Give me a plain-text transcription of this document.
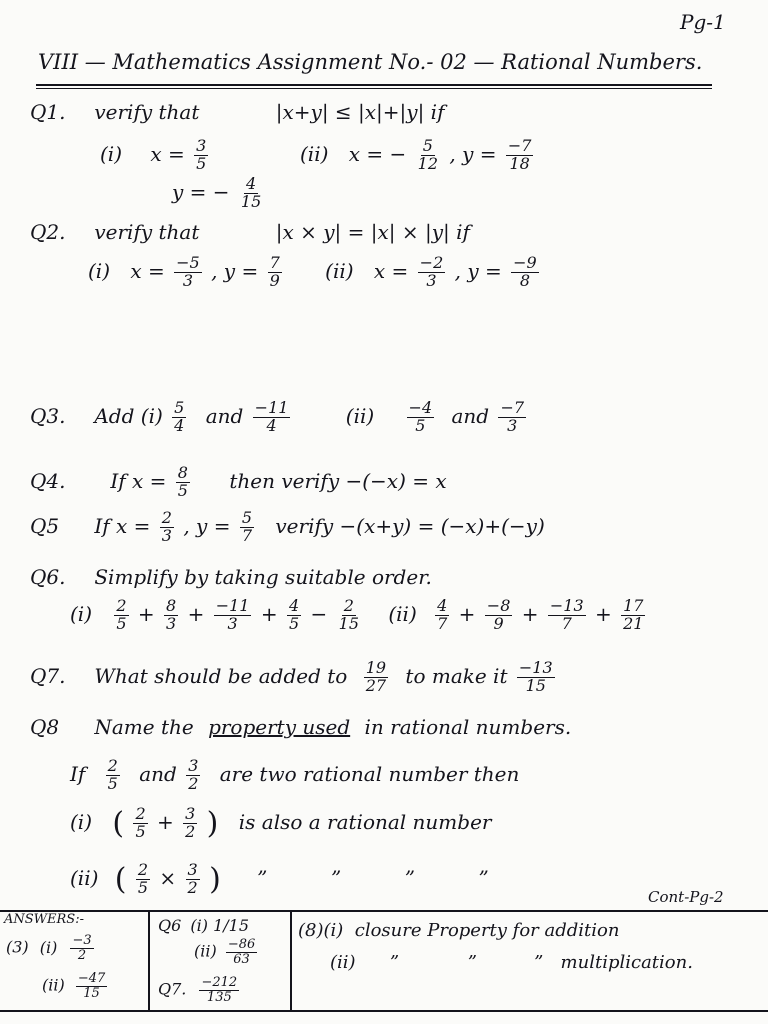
Pg-1
VIII — Mathematics Assignment No.- 02 — Rational Numbers.
Q1. verify that	|x+y| ≤ |x|+|y| if
(i) $x = \frac{3}{5}$	(ii) x = − $\frac{5}{12}$ , $y = \frac{-7}{18}$
y = − $\frac{4}{15}$
Q2. verify that	|x × y| = |x| × |y| if
(i) $x = \frac{-5}{3}$ , $y = \frac{7}{9} (ii) x = \frac{-2}{3}$ , $y = \frac{-9}{8}$
Q3. Add $(i) \frac{5}{4}$ and $\frac{-11}{4}$	$(ii) \frac{-4}{5}$ and $\frac{-7}{3}$
Q4. If $x = \frac{8}{5}$ then verify −(−x) = x
Q5 If $x = \frac{2}{3}$ , $y = \frac{5}{7}$ verify −(x+y) = (−x)+(−y)
Q6. Simplify by taking suitable order.
$(i) \frac{2}{5} + \frac{8}{3} + \frac{-11}{3} + \frac{4}{5} - \frac{2}{15} (ii) \frac{4}{7} + \frac{-8}{9} + \frac{-13}{7} + \frac{17}{21}$
Q7. What should be added to $\frac{19}{27}$ to make it $\frac{-13}{15}$
Q8 Name the property used in rational numbers.
If $\frac{2}{5}$ and $\frac{3}{2}$ are two rational number then
(i) ( $\frac{2}{5} + \frac{3}{2}$ ) is also a rational number
(ii) ( $\frac{2}{5} \times \frac{3}{2}$ ) ”          ”          ”          ”
Cont-Pg-2
ANSWERS:-
(3) $(i) \frac{-3}{2}$
$(ii) \frac{-47}{15}$
Q6 (i) 1/15
$(ii) \frac{-86}{63}$
Q7. $\frac{-212}{135}$
(8)(i)  closure Property for addition
(ii)      ”            ”          ”   multiplication.
